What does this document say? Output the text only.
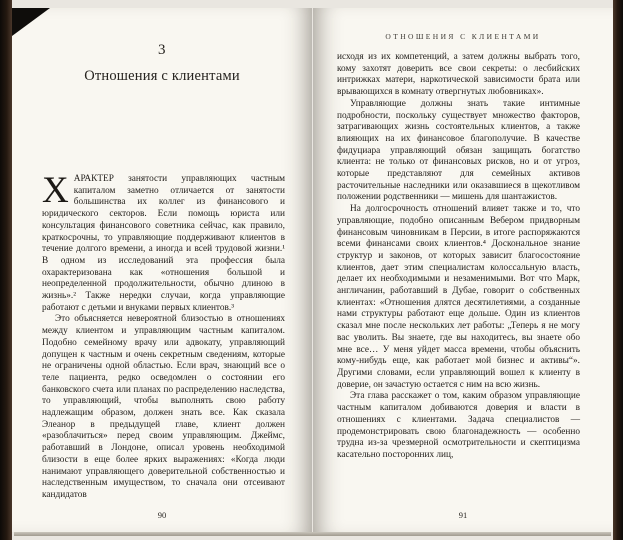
3
Отношения с клиентами

ХАРАКТЕР занятости управляющих частным капиталом заметно отличается от занятости большинства их коллег из финансового и юридического секторов. Если помощь юриста или консультация финансового советника сейчас, как правило, краткосрочны, то управляющие поддерживают клиентов в течение долгого времени, а иногда и всей трудовой жизни.¹ В одном из исследований эта профессия была охарактеризована как «отношения большой и неопределенной продолжительности, обычно длиною в жизнь».² Также нередки случаи, когда управляющие работают с детьми и внуками первых клиентов.³

Это объясняется невероятной близостью в отношениях между клиентом и управляющим частным капиталом. Подобно семейному врачу или адвокату, управляющий допущен к частным и очень секретным сведениям, которые не ограничены одной областью. Если врач, знающий все о теле пациента, редко осведомлен о состоянии его банковского счета или планах по распределению наследства, то управляющий, чтобы выполнять свою работу надлежащим образом, должен знать все. Как сказала Элеанор в предыдущей главе, клиент должен «разоблачиться» перед своим управляющим. Джеймс, работавший в Лондоне, описал уровень необходимой близости в еще более ярких выражениях: «Когда люди нанимают управляющего доверительной собственностью и наследственным имуществом, то сначала они отсеивают кандидатов

90
ОТНОШЕНИЯ С КЛИЕНТАМИ

исходя из их компетенций, а затем должны выбрать того, кому захотят доверить все свои секреты: о лесбийских интрижках матери, наркотической зависимости брата или врывающихся в комнату отвергнутых любовниках».

Управляющие должны знать такие интимные подробности, поскольку существует множество факторов, затрагивающих жизнь состоятельных клиентов, а также влияющих на их финансовое благополучие. В качестве фидуциара управляющий обязан защищать богатство клиента: не только от финансовых рисков, но и от угроз, которые представляют для семейных активов расточительные наследники или оказавшиеся в щекотливом положении родственники — мишень для шантажистов.

На долгосрочность отношений влияет также и то, что управляющие, подобно описанным Вебером придворным финансовым чиновникам в Персии, в итоге распоряжаются всеми финансами своих клиентов.⁴ Доскональное знание структур и законов, от которых зависит благосостояние клиентов, дает этим специалистам колоссальную власть, делает их необходимыми и незаменимыми. Вот что Марк, англичанин, работавший в Дубае, говорит о собственных клиентах: «Отношения длятся десятилетиями, а созданные нами структуры работают еще дольше. Один из клиентов сказал мне после нескольких лет работы: „Теперь я не могу вас уволить. Вы знаете, где вы находитесь, вы знаете обо мне все… У меня уйдет масса времени, чтобы объяснить кому-нибудь еще, как работает мой бизнес и активы“». Другими словами, если управляющий вошел к клиенту в доверие, он зачастую остается с ним на всю жизнь.

Эта глава расскажет о том, каким образом управляющие частным капиталом добиваются доверия и власти в отношениях с клиентами. Задача специалистов — продемонстрировать свою благонадежность — особенно трудна из-за чрезмерной осмотрительности и скептицизма касательно посторонних лиц,

91
